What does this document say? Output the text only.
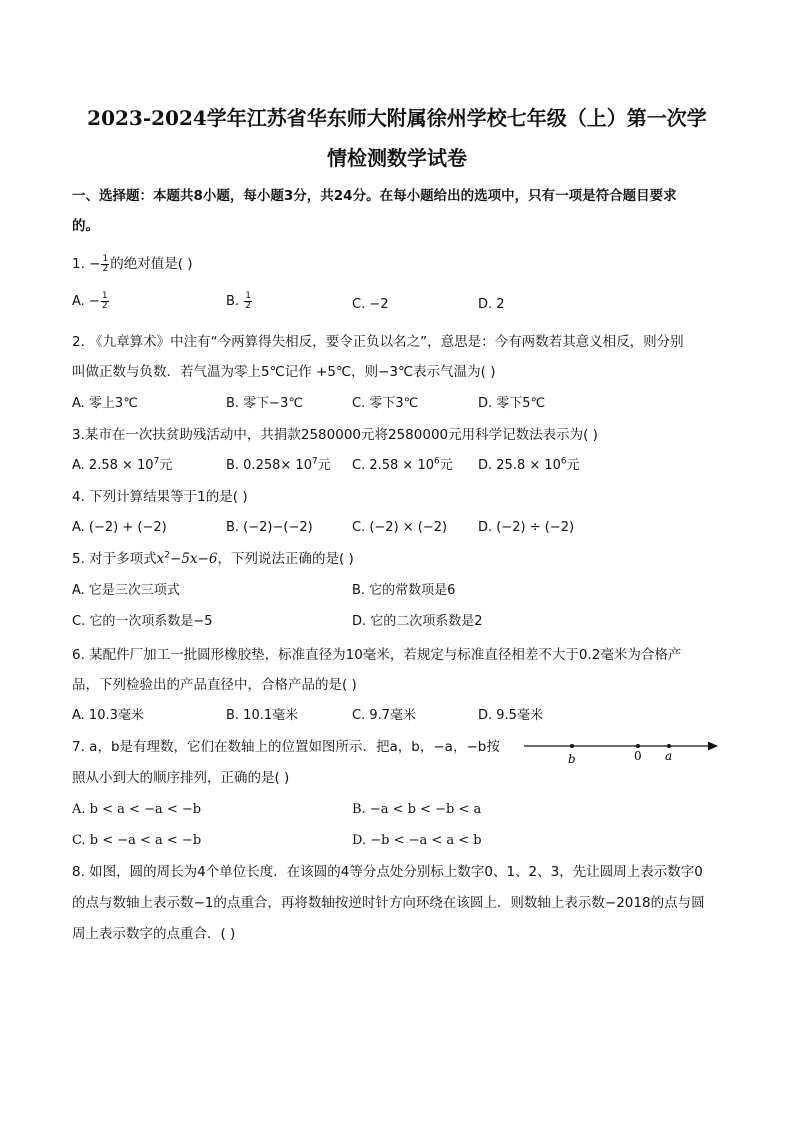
2023-2024学年江苏省华东师大附属徐州学校七年级（上）第一次学
情检测数学试卷
一、选择题：本题共8小题，每小题3分，共24分。在每小题给出的选项中，只有一项是符合题目要求
的。
1. − $\frac{1}{2}$ 的绝对值是( )
A. − $\frac{1}{2}$	B. $\frac{1}{2}$	C. −2	D. 2
2. 《九章算术》中注有“今两算得失相反，要令正负以名之”，意思是：今有两数若其意义相反，则分别
叫做正数与负数．若气温为零上5℃记作 +5℃，则−3℃表示气温为( )
A. 零上3℃	B. 零下−3℃	C. 零下3℃	D. 零下5℃
3.某市在一次扶贫助残活动中，共捐款2580000元将2580000元用科学记数法表示为( )
A. $2.58 \times 10^7$元	B. $0.258\times 10^7$元 C. $2.58 \times 10^6$元 D. $25.8 \times 10^6$元
4. 下列计算结果等于1的是( )
A. (−2) + (−2)	B. (−2)−(−2)	C. (−2) × (−2) D. (−2) ÷ (−2)
5. 对于多项式$x^2-5x-6$，下列说法正确的是( )
A. 它是三次三项式	B. 它的常数项是6
C. 它的一次项系数是−5	D. 它的二次项系数是2
6. 某配件厂加工一批圆形橡胶垫，标准直径为10毫米，若规定与标准直径相差不大于0.2毫米为合格产
品，下列检验出的产品直径中，合格产品的是( )
A. 10.3毫米	B. 10.1毫米	C. 9.7毫米	D. 9.5毫米
7. a，b是有理数，它们在数轴上的位置如图所示．把a，b，−a，−b按
照从小到大的顺序排列，正确的是( )
b	0 a
A. b < a < −a < −b	B. −a < b < −b < a
C. b < −a < a < −b	D. −b < −a < a < b
8. 如图，圆的周长为4个单位长度．在该圆的4等分点处分别标上数字0、1、2、3，先让圆周上表示数字0
的点与数轴上表示数−1的点重合，再将数轴按逆时针方向环绕在该圆上．则数轴上表示数−2018的点与圆
周上表示数字的点重合．( )
